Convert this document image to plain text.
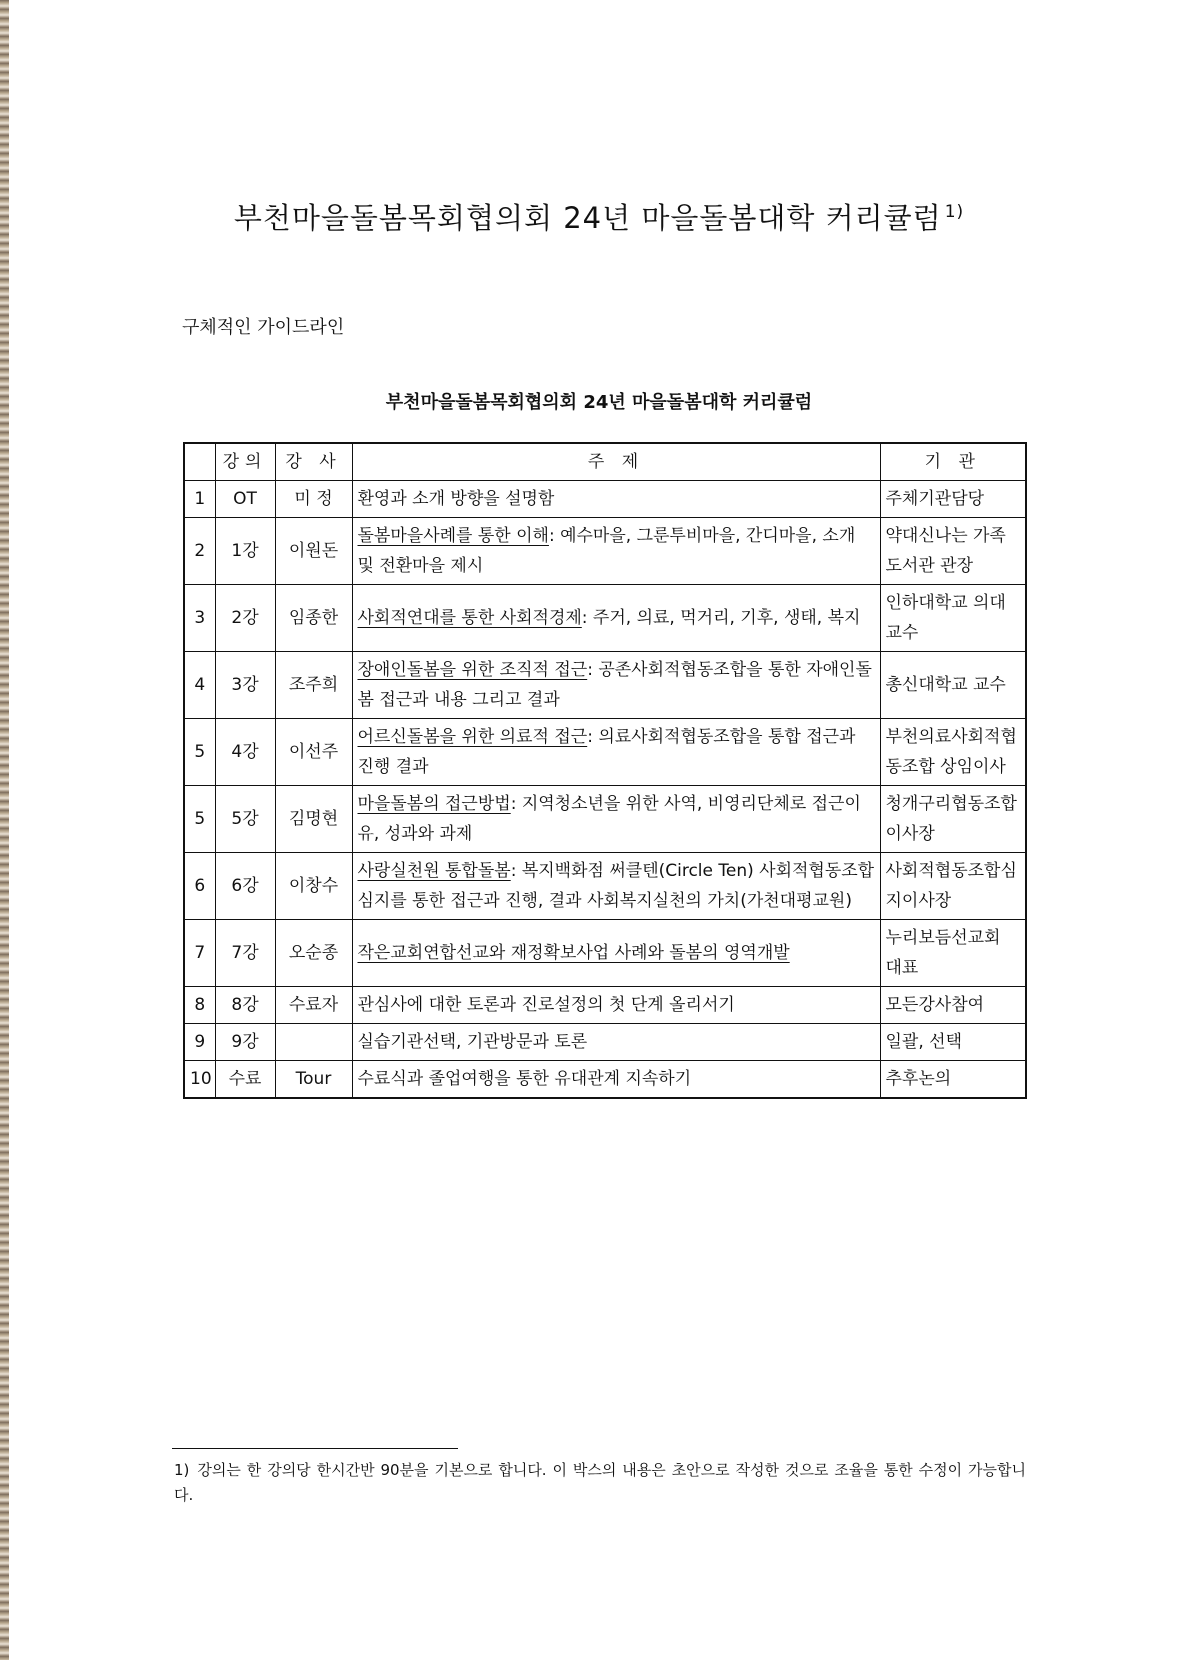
부천마을돌봄목회협의회 24년 마을돌봄대학 커리큘럼 $^{1)}$
구체적인 가이드라인
부천마을돌봄목회협의회 24년 마을돌봄대학 커리큘럼
	강의	강 사	주 제	기 관
1	OT	미 정	환영과 소개 방향을 설명함	주체기관담당
2	1강	이원돈	돌봄마을사례를 통한 이해: 예수마을, 그룬투비마을, 간디마을, 소개 및 전환마을 제시	약대신나는 가족도서관 관장
3	2강	임종한	사회적연대를 통한 사회적경제: 주거, 의료, 먹거리, 기후, 생태, 복지	인하대학교 의대교수
4	3강	조주희	장애인돌봄을 위한 조직적 접근: 공존사회적협동조합을 통한 자애인돌봄 접근과 내용 그리고 결과	총신대학교 교수
5	4강	이선주	어르신돌봄을 위한 의료적 접근: 의료사회적협동조합을 통합 접근과 진행 결과	부천의료사회적협동조합 상임이사
5	5강	김명현	마을돌봄의 접근방법: 지역청소년을 위한 사역, 비영리단체로 접근이유, 성과와 과제	청개구리협동조합 이사장
6	6강	이창수	사랑실천원 통합돌봄: 복지백화점 써클텐(Circle Ten) 사회적협동조합심지를 통한 접근과 진행, 결과 사회복지실천의 가치(가천대평교원)	사회적협동조합심지이사장
7	7강	오순종	작은교회연합선교와 재정확보사업 사례와 돌봄의 영역개발	누리보듬선교회 대표
8	8강	수료자	관심사에 대한 토론과 진로설정의 첫 단계 올리서기	모든강사참여
9	9강		실습기관선택, 기관방문과 토론	일괄, 선택
10	수료	Tour	수료식과 졸업여행을 통한 유대관계 지속하기	추후논의
1) 강의는 한 강의당 한시간반 90분을 기본으로 합니다. 이 박스의 내용은 초안으로 작성한 것으로 조율을 통한 수정이 가능합니다.
